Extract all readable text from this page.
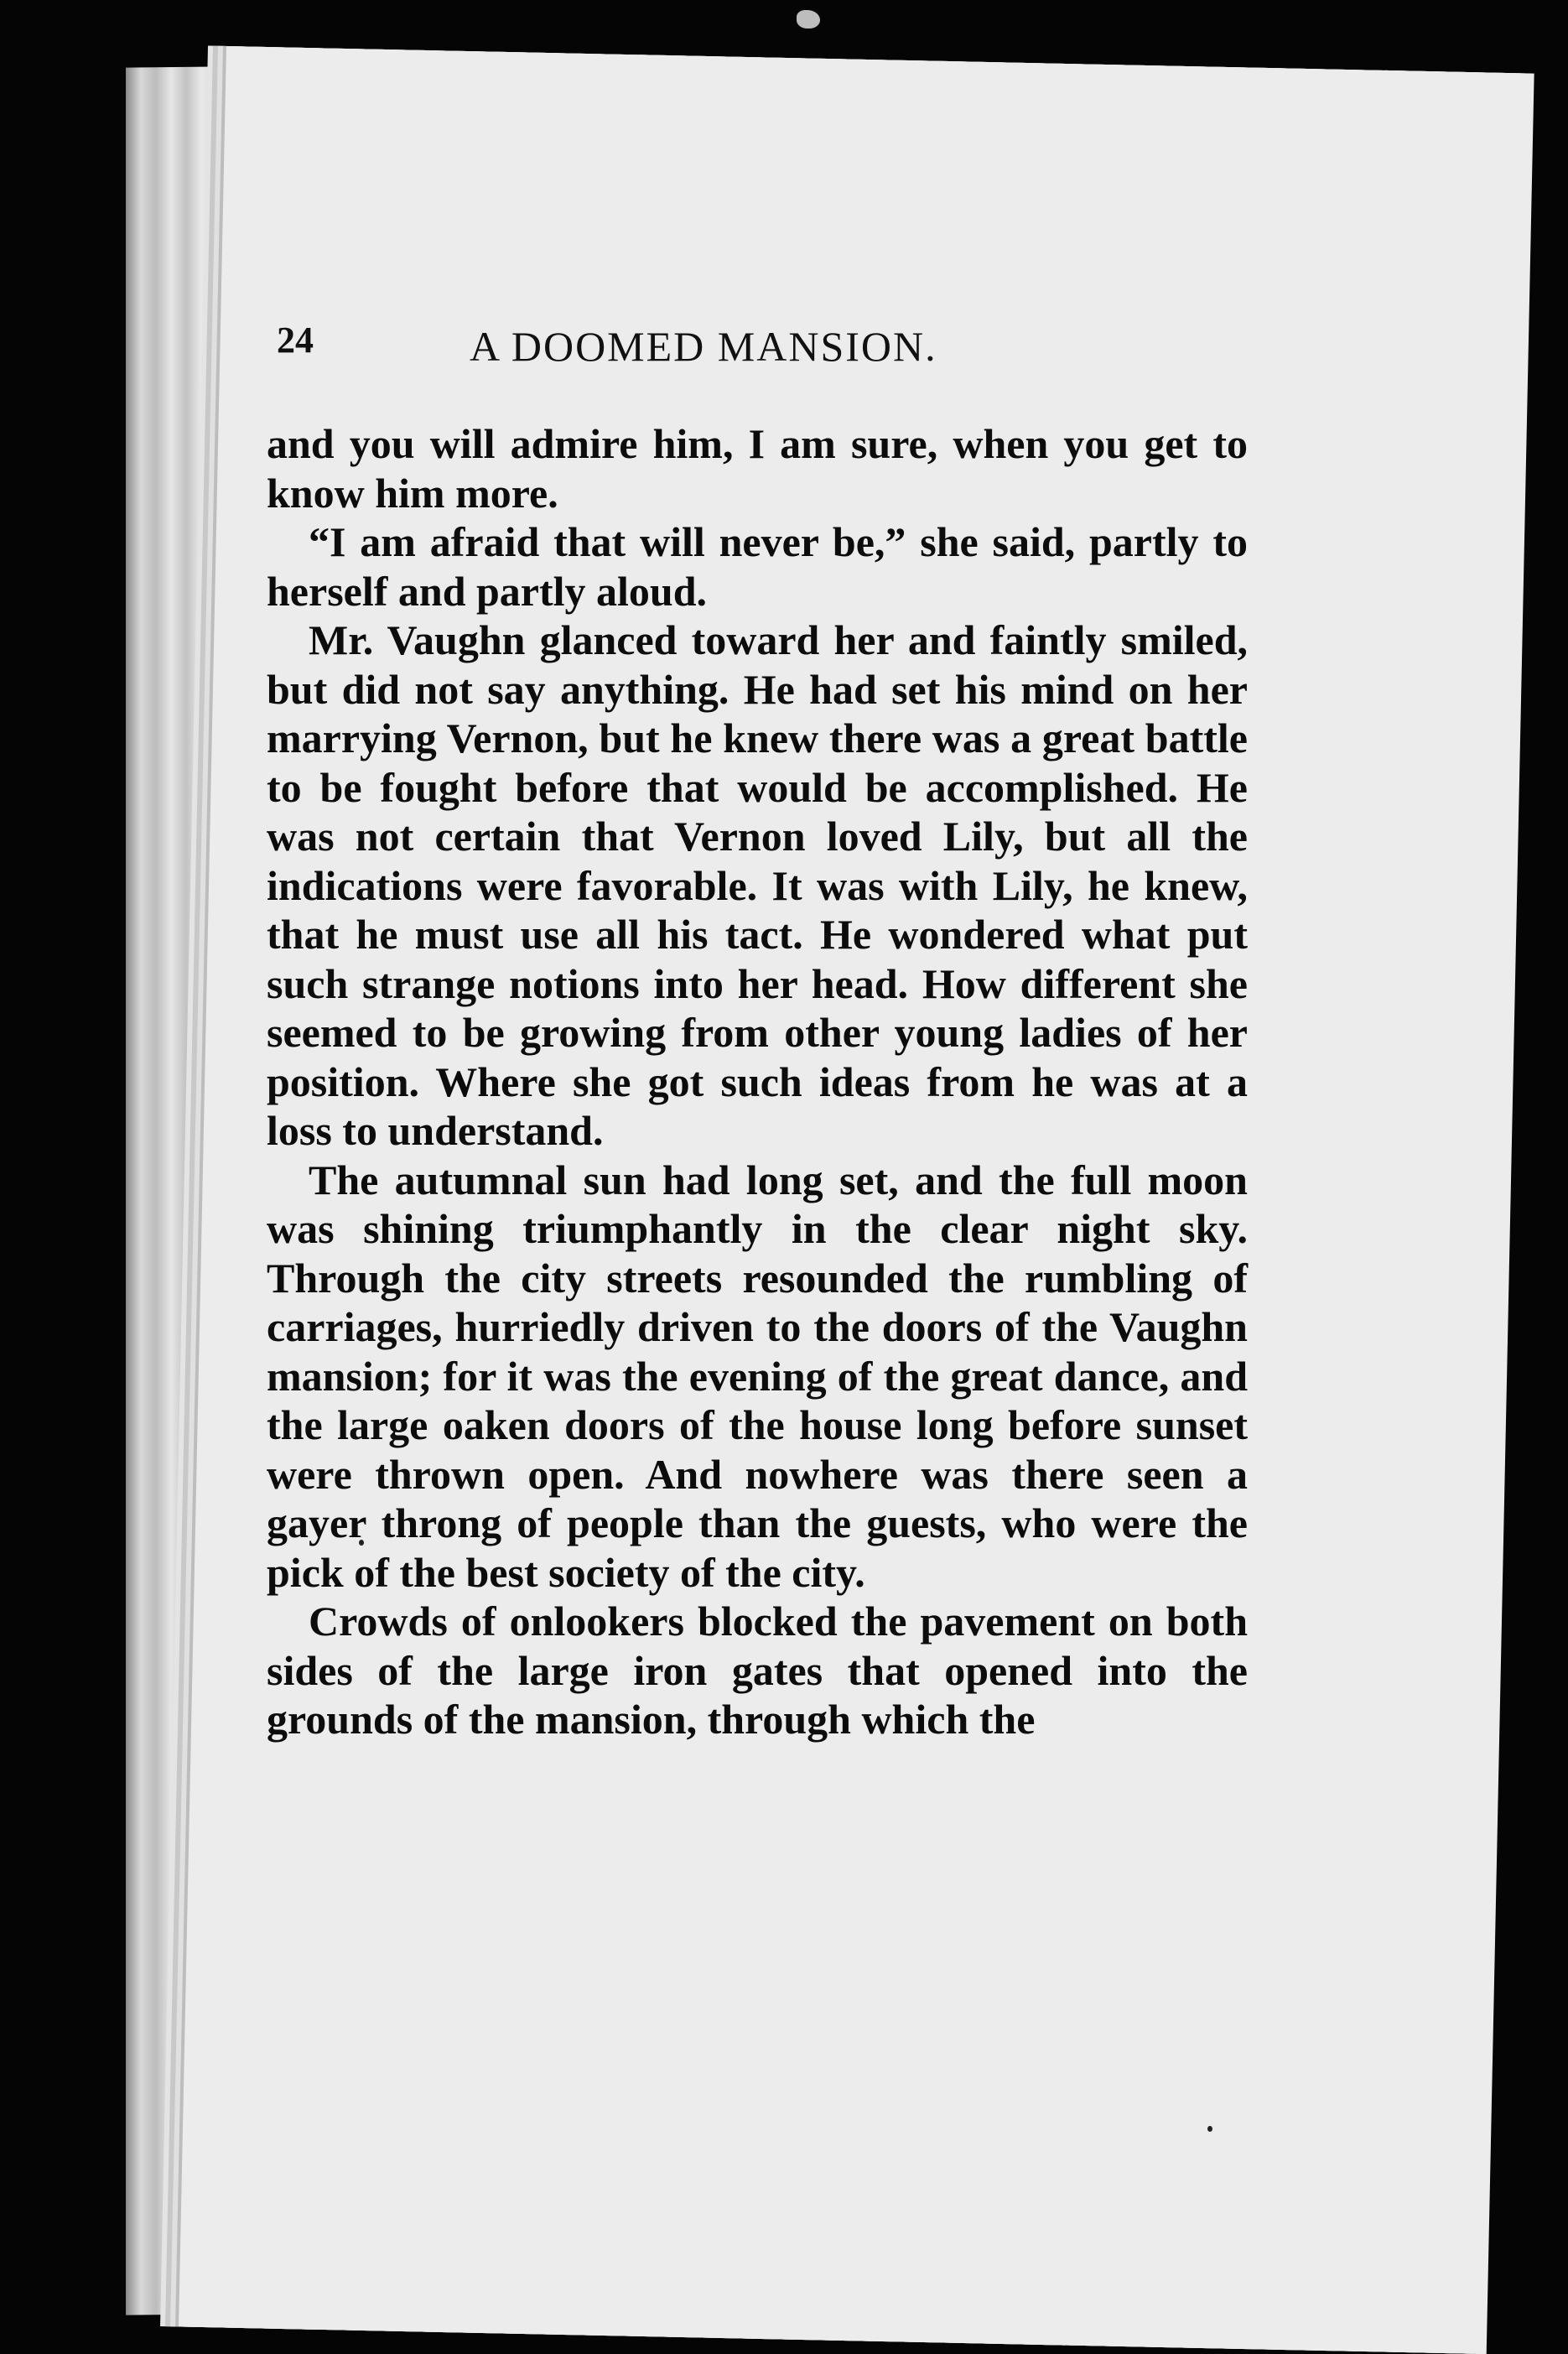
24	A DOOMED MANSION.

and you will admire him, I am sure, when you get to know him more.

“I am afraid that will never be,” she said, partly to herself and partly aloud.

Mr. Vaughn glanced toward her and faintly smiled, but did not say anything. He had set his mind on her marrying Vernon, but he knew there was a great battle to be fought before that would be accomplished. He was not certain that Vernon loved Lily, but all the indications were favorable. It was with Lily, he knew, that he must use all his tact. He wondered what put such strange notions into her head. How different she seemed to be growing from other young ladies of her position. Where she got such ideas from he was at a loss to understand.

The autumnal sun had long set, and the full moon was shining triumphantly in the clear night sky. Through the city streets resounded the rumbling of carriages, hurriedly driven to the doors of the Vaughn mansion; for it was the evening of the great dance, and the large oaken doors of the house long before sunset were thrown open. And nowhere was there seen a gayer throng of people than the guests, who were the pick of the best society of the city.

Crowds of onlookers blocked the pavement on both sides of the large iron gates that opened into the grounds of the mansion, through which the
